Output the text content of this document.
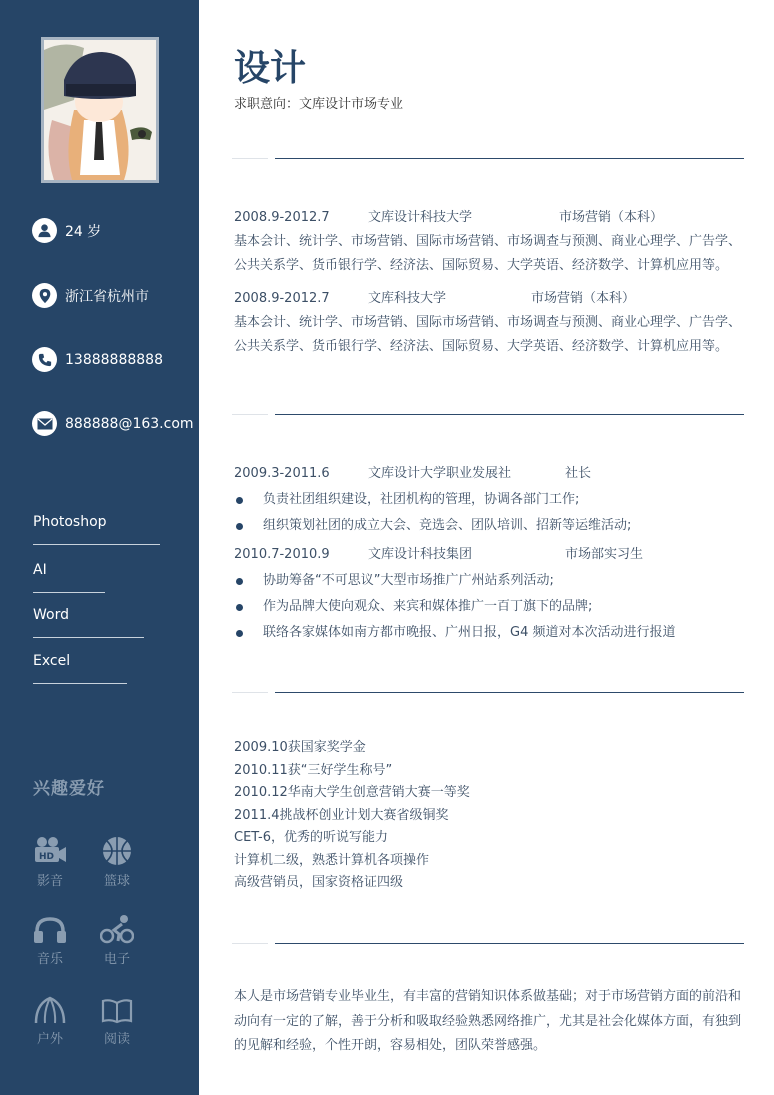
24 岁
浙江省杭州市
13888888888
888888@163.com
Photoshop
AI
Word
Excel
兴趣爱好
HD
影音	篮球
音乐	电子
户外	阅读
设计
求职意向：文库设计市场专业
2008.9-2012.7	文库设计科技大学	市场营销（本科）
基本会计、统计学、市场营销、国际市场营销、市场调查与预测、商业心理学、广告学、
公共关系学、货币银行学、经济法、国际贸易、大学英语、经济数学、计算机应用等。
2008.9-2012.7	文库科技大学	市场营销（本科）
基本会计、统计学、市场营销、国际市场营销、市场调查与预测、商业心理学、广告学、
公共关系学、货币银行学、经济法、国际贸易、大学英语、经济数学、计算机应用等。
2009.3-2011.6	文库设计大学职业发展社	社长
负责社团组织建设，社团机构的管理，协调各部门工作;
组织策划社团的成立大会、竞选会、团队培训、招新等运维活动;
2010.7-2010.9	文库设计科技集团	市场部实习生
协助筹备“不可思议”大型市场推广广州站系列活动;
作为品牌大使向观众、来宾和媒体推广一百丁旗下的品牌;
联络各家媒体如南方都市晚报、广州日报，G4 频道对本次活动进行报道
2009.10获国家奖学金
2010.11获“三好学生称号”
2010.12华南大学生创意营销大赛一等奖
2011.4挑战杯创业计划大赛省级铜奖
CET-6，优秀的听说写能力
计算机二级，熟悉计算机各项操作
高级营销员，国家资格证四级
本人是市场营销专业毕业生，有丰富的营销知识体系做基础；对于市场营销方面的前沿和
动向有一定的了解，善于分析和吸取经验熟悉网络推广，尤其是社会化媒体方面，有独到
的见解和经验，个性开朗，容易相处，团队荣誉感强。
